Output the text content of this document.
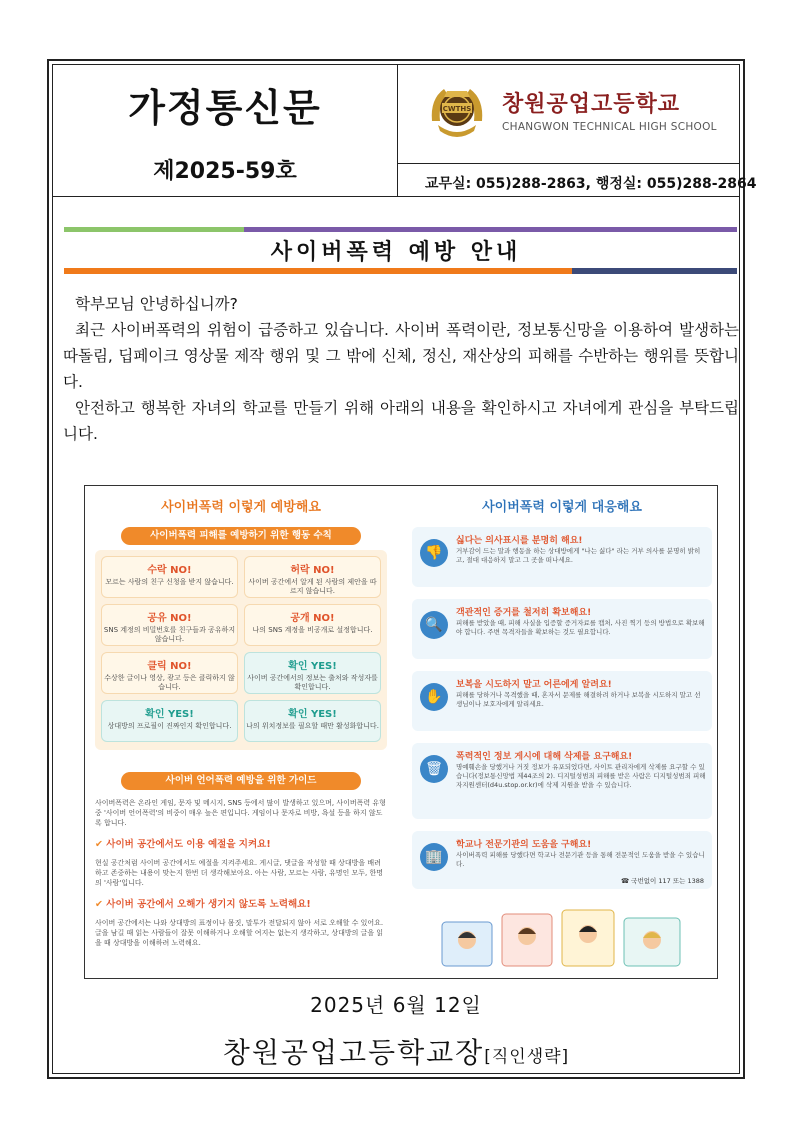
가정통신문
제2025-59호
CWTHS 창원공업고등학교
CHANGWON TECHNICAL HIGH SCHOOL
교무실: 055)288-2863, 행정실: 055)288-2864
사이버폭력 예방 안내

학부모님 안녕하십니까?

최근 사이버폭력의 위험이 급증하고 있습니다. 사이버 폭력이란, 정보통신망을 이용하여 발생하는 따돌림, 딥페이크 영상물 제작 행위 및 그 밖에 신체, 정신, 재산상의 피해를 수반하는 행위를 뜻합니다.

안전하고 행복한 자녀의 학교를 만들기 위해 아래의 내용을 확인하시고 자녀에게 관심을 부탁드립니다.

사이버폭력 이렇게 예방해요
사이버폭력 피해를 예방하기 위한 행동 수칙
수락 NO!
모르는 사람의 친구 신청을 받지 않습니다.
허락 NO!
사이버 공간에서 알게 된 사람의 제안을 따르지 않습니다.
공유 NO!
SNS 계정의 비밀번호를 친구들과 공유하지 않습니다.
공개 NO!
나의 SNS 계정을 비공개로 설정합니다.
클릭 NO!
수상한 글이나 영상, 광고 등은 클릭하지 않습니다.
확인 YES!
사이버 공간에서의 정보는 출처와 작성자를 확인합니다.
확인 YES!
상대방의 프로필이 진짜인지 확인합니다.
확인 YES!
나의 위치정보를 필요할 때만 활성화합니다.
사이버 언어폭력 예방을 위한 가이드
사이버폭력은 온라인 게임, 문자 및 메시지, SNS 등에서 많이 발생하고 있으며, 사이버폭력 유형 중 '사이버 언어폭력'의 비중이 매우 높은 편입니다. 게임이나 문자로 비방, 욕설 등을 하지 않도록 합니다.
✔ 사이버 공간에서도 이용 예절을 지켜요!
현실 공간처럼 사이버 공간에서도 예절을 지켜주세요. 게시글, 댓글을 작성할 때 상대방을 배려하고 존중하는 내용이 맞는지 한번 더 생각해보아요. 아는 사람, 모르는 사람, 유명인 모두, 한명의 '사람'입니다.
✔ 사이버 공간에서 오해가 생기지 않도록 노력해요!
사이버 공간에서는 나와 상대방의 표정이나 몸짓, 말투가 전달되지 않아 서로 오해할 수 있어요. 글을 남길 때 읽는 사람들이 잘못 이해하거나 오해할 여지는 없는지 생각하고, 상대방의 글을 읽을 때 상대방을 이해하려 노력해요.
사이버폭력 이렇게 대응해요
👎
싫다는 의사표시를 분명히 해요!
거부감이 드는 말과 행동을 하는 상대방에게 "나는 싫다" 라는 거부 의사를 분명히 밝히고, 절대 대응하지 말고 그 곳을 떠나세요.
🔍
객관적인 증거를 철저히 확보해요!
피해를 받았을 때, 피해 사실을 입증할 증거자료를 캡처, 사진 찍기 등의 방법으로 확보해야 합니다. 주변 목격자들을 확보하는 것도 필요합니다.
✋
보복을 시도하지 말고 어른에게 알려요!
피해를 당하거나 목격했을 때, 혼자서 문제를 해결하려 하거나 보복을 시도하지 말고 선생님이나 보호자에게 알리세요.
🗑
폭력적인 정보 게시에 대해 삭제를 요구해요!
명예훼손을 당했거나 거짓 정보가 유포되었다면, 사이트 관리자에게 삭제를 요구할 수 있습니다(정보통신망법 제44조의 2). 디지털성범죄 피해를 받은 사람은 디지털성범죄 피해자지원센터(d4u.stop.or.kr)에 삭제 지원을 받을 수 있습니다.
🏢
학교나 전문기관의 도움을 구해요!
사이버폭력 피해를 당했다면 학교나 전문기관 등을 통해 전문적인 도움을 받을 수 있습니다.
☎ 국번없이 117 또는 1388
2025년 6월 12일
창원공업고등학교장[직인생략]
